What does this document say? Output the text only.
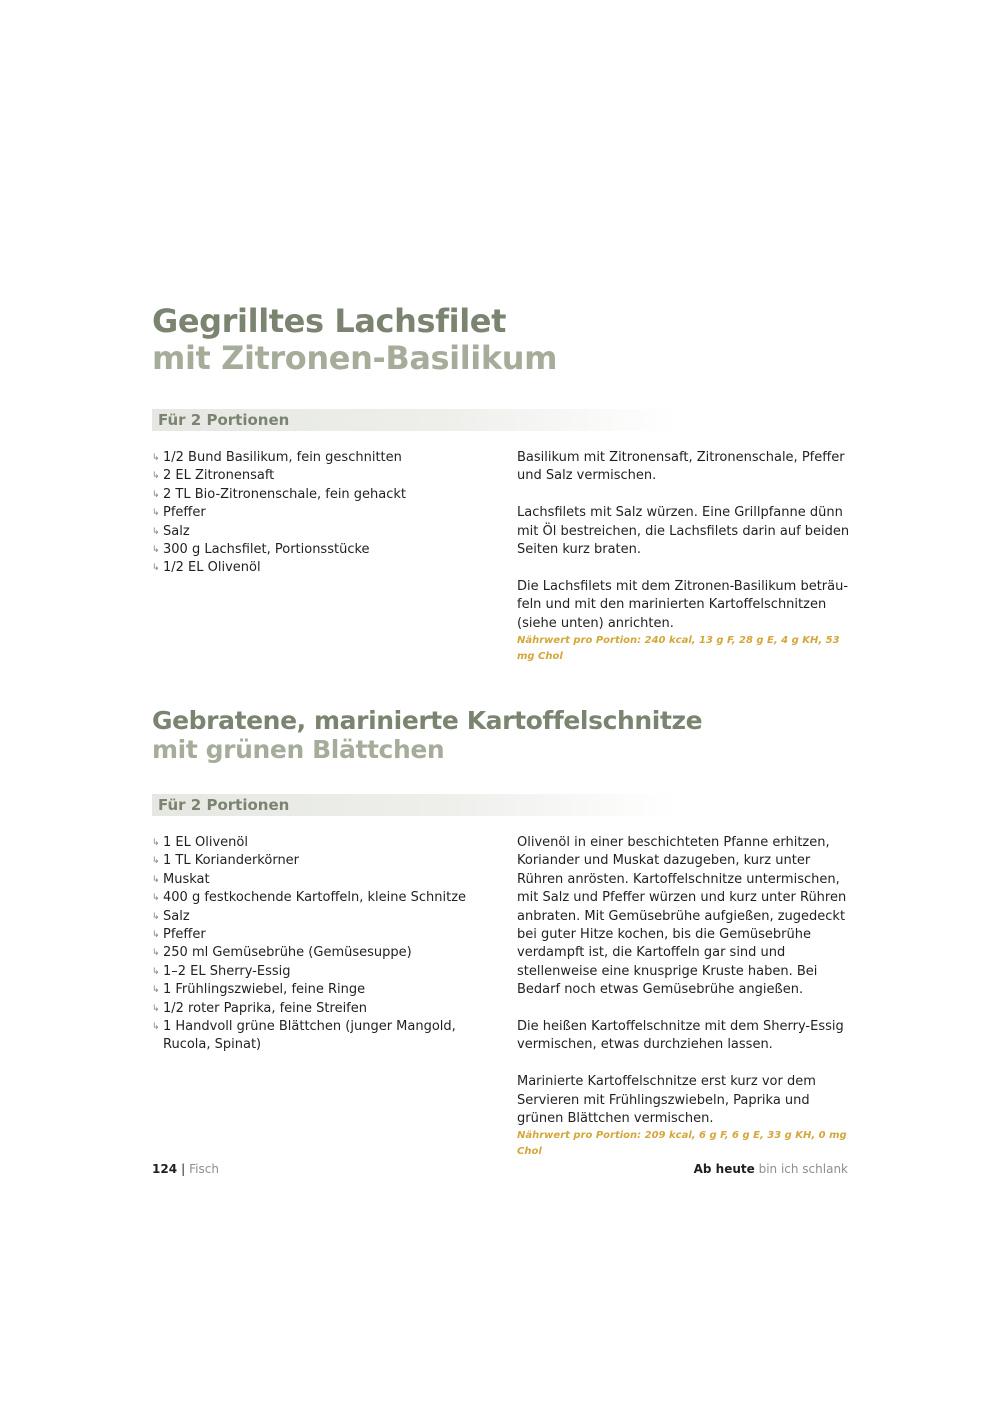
Gegrilltes Lachsfilet
mit Zitronen-Basilikum
Für 2 Portionen
↳ 1/2 Bund Basilikum, fein geschnitten
↳ 2 EL Zitronensaft
↳ 2 TL Bio-Zitronenschale, fein gehackt
↳ Pfeffer
↳ Salz
↳ 300 g Lachsfilet, Portionsstücke
↳ 1/2 EL Olivenöl

Basilikum mit Zitronensaft, Zitronenschale, Pfeffer und Salz vermischen.

Lachsfilets mit Salz würzen. Eine Grillpfanne dünn mit Öl bestreichen, die Lachsfilets darin auf beiden Seiten kurz braten.

Die Lachsfilets mit dem Zitronen-Basilikum beträufeln und mit den marinierten Kartoffelschnitzen (siehe unten) anrichten.

Nährwert pro Portion: 240 kcal, 13 g F, 28 g E, 4 g KH, 53 mg Chol
Gebratene, marinierte Kartoffelschnitze
mit grünen Blättchen
Für 2 Portionen
↳ 1 EL Olivenöl
↳ 1 TL Korianderkörner
↳ Muskat
↳ 400 g festkochende Kartoffeln, kleine Schnitze
↳ Salz
↳ Pfeffer
↳ 250 ml Gemüsebrühe (Gemüsesuppe)
↳ 1–2 EL Sherry-Essig
↳ 1 Frühlingszwiebel, feine Ringe
↳ 1/2 roter Paprika, feine Streifen
↳ 1 Handvoll grüne Blättchen (junger Mangold, Rucola, Spinat)

Olivenöl in einer beschichteten Pfanne erhitzen, Koriander und Muskat dazugeben, kurz unter Rühren anrösten. Kartoffelschnitze untermischen, mit Salz und Pfeffer würzen und kurz unter Rühren anbraten. Mit Gemüsebrühe aufgießen, zugedeckt bei guter Hitze kochen, bis die Gemüsebrühe verdampft ist, die Kartoffeln gar sind und stellenweise eine knusprige Kruste haben. Bei Bedarf noch etwas Gemüsebrühe angießen.

Die heißen Kartoffelschnitze mit dem Sherry-Essig vermischen, etwas durchziehen lassen.

Marinierte Kartoffelschnitze erst kurz vor dem Servieren mit Frühlingszwiebeln, Paprika und grünen Blättchen vermischen.

Nährwert pro Portion: 209 kcal, 6 g F, 6 g E, 33 g KH, 0 mg Chol
124 | Fisch	Ab heute bin ich schlank
